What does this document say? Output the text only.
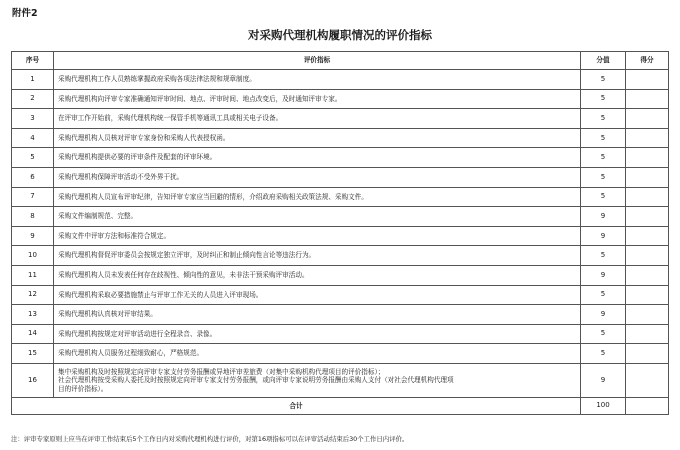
附件2
对采购代理机构履职情况的评价指标
序号	评价指标	分值	得分
1	采购代理机构工作人员熟练掌握政府采购各项法律法规和规章制度。	5	
2	采购代理机构向评审专家准确通知评审时间、地点、评审时间、地点改变后，及时通知评审专家。	5	
3	在评审工作开始前，采购代理机构统一保管手机等通讯工具或相关电子设备。	5	
4	采购代理机构人员核对评审专家身份和采购人代表授权函。	5	
5	采购代理机构提供必要的评审条件及配套的评审环境。	5	
6	采购代理机构保障评审活动不受外界干扰。	5	
7	采购代理机构人员宣布评审纪律，告知评审专家应当回避的情形，介绍政府采购相关政策法规、采购文件。	5	
8	采购文件编制规范、完整。	9	
9	采购文件中评审方法和标准符合规定。	9	
10	采购代理机构督促评审委员会按规定独立评审，及时纠正和制止倾向性言论等违法行为。	5	
11	采购代理机构人员未发表任何存在歧视性、倾向性的意见，未非法干预采购评审活动。	9	
12	采购代理机构采取必要措施禁止与评审工作无关的人员进入评审现场。	5	
13	采购代理机构认真核对评审结果。	9	
14	采购代理机构按规定对评审活动进行全程录音、录像。	5	
15	采购代理机构人员服务过程细致耐心，严格规范。	5	
16	集中采购机构及时按照规定向评审专家支付劳务报酬或异地评审差旅费（对集中采购机构代理项目的评价指标）；
社会代理机构按受采购人委托及时按照规定向评审专家支付劳务报酬，或向评审专家说明劳务报酬由采购人支付（对社会代理机构代理项
目的评价指标）。	9	
合计		100	
注：评审专家原则上应当在评审工作结束后5个工作日内对采购代理机构进行评价，对第16项指标可以在评审活动结束后30个工作日内评价。
